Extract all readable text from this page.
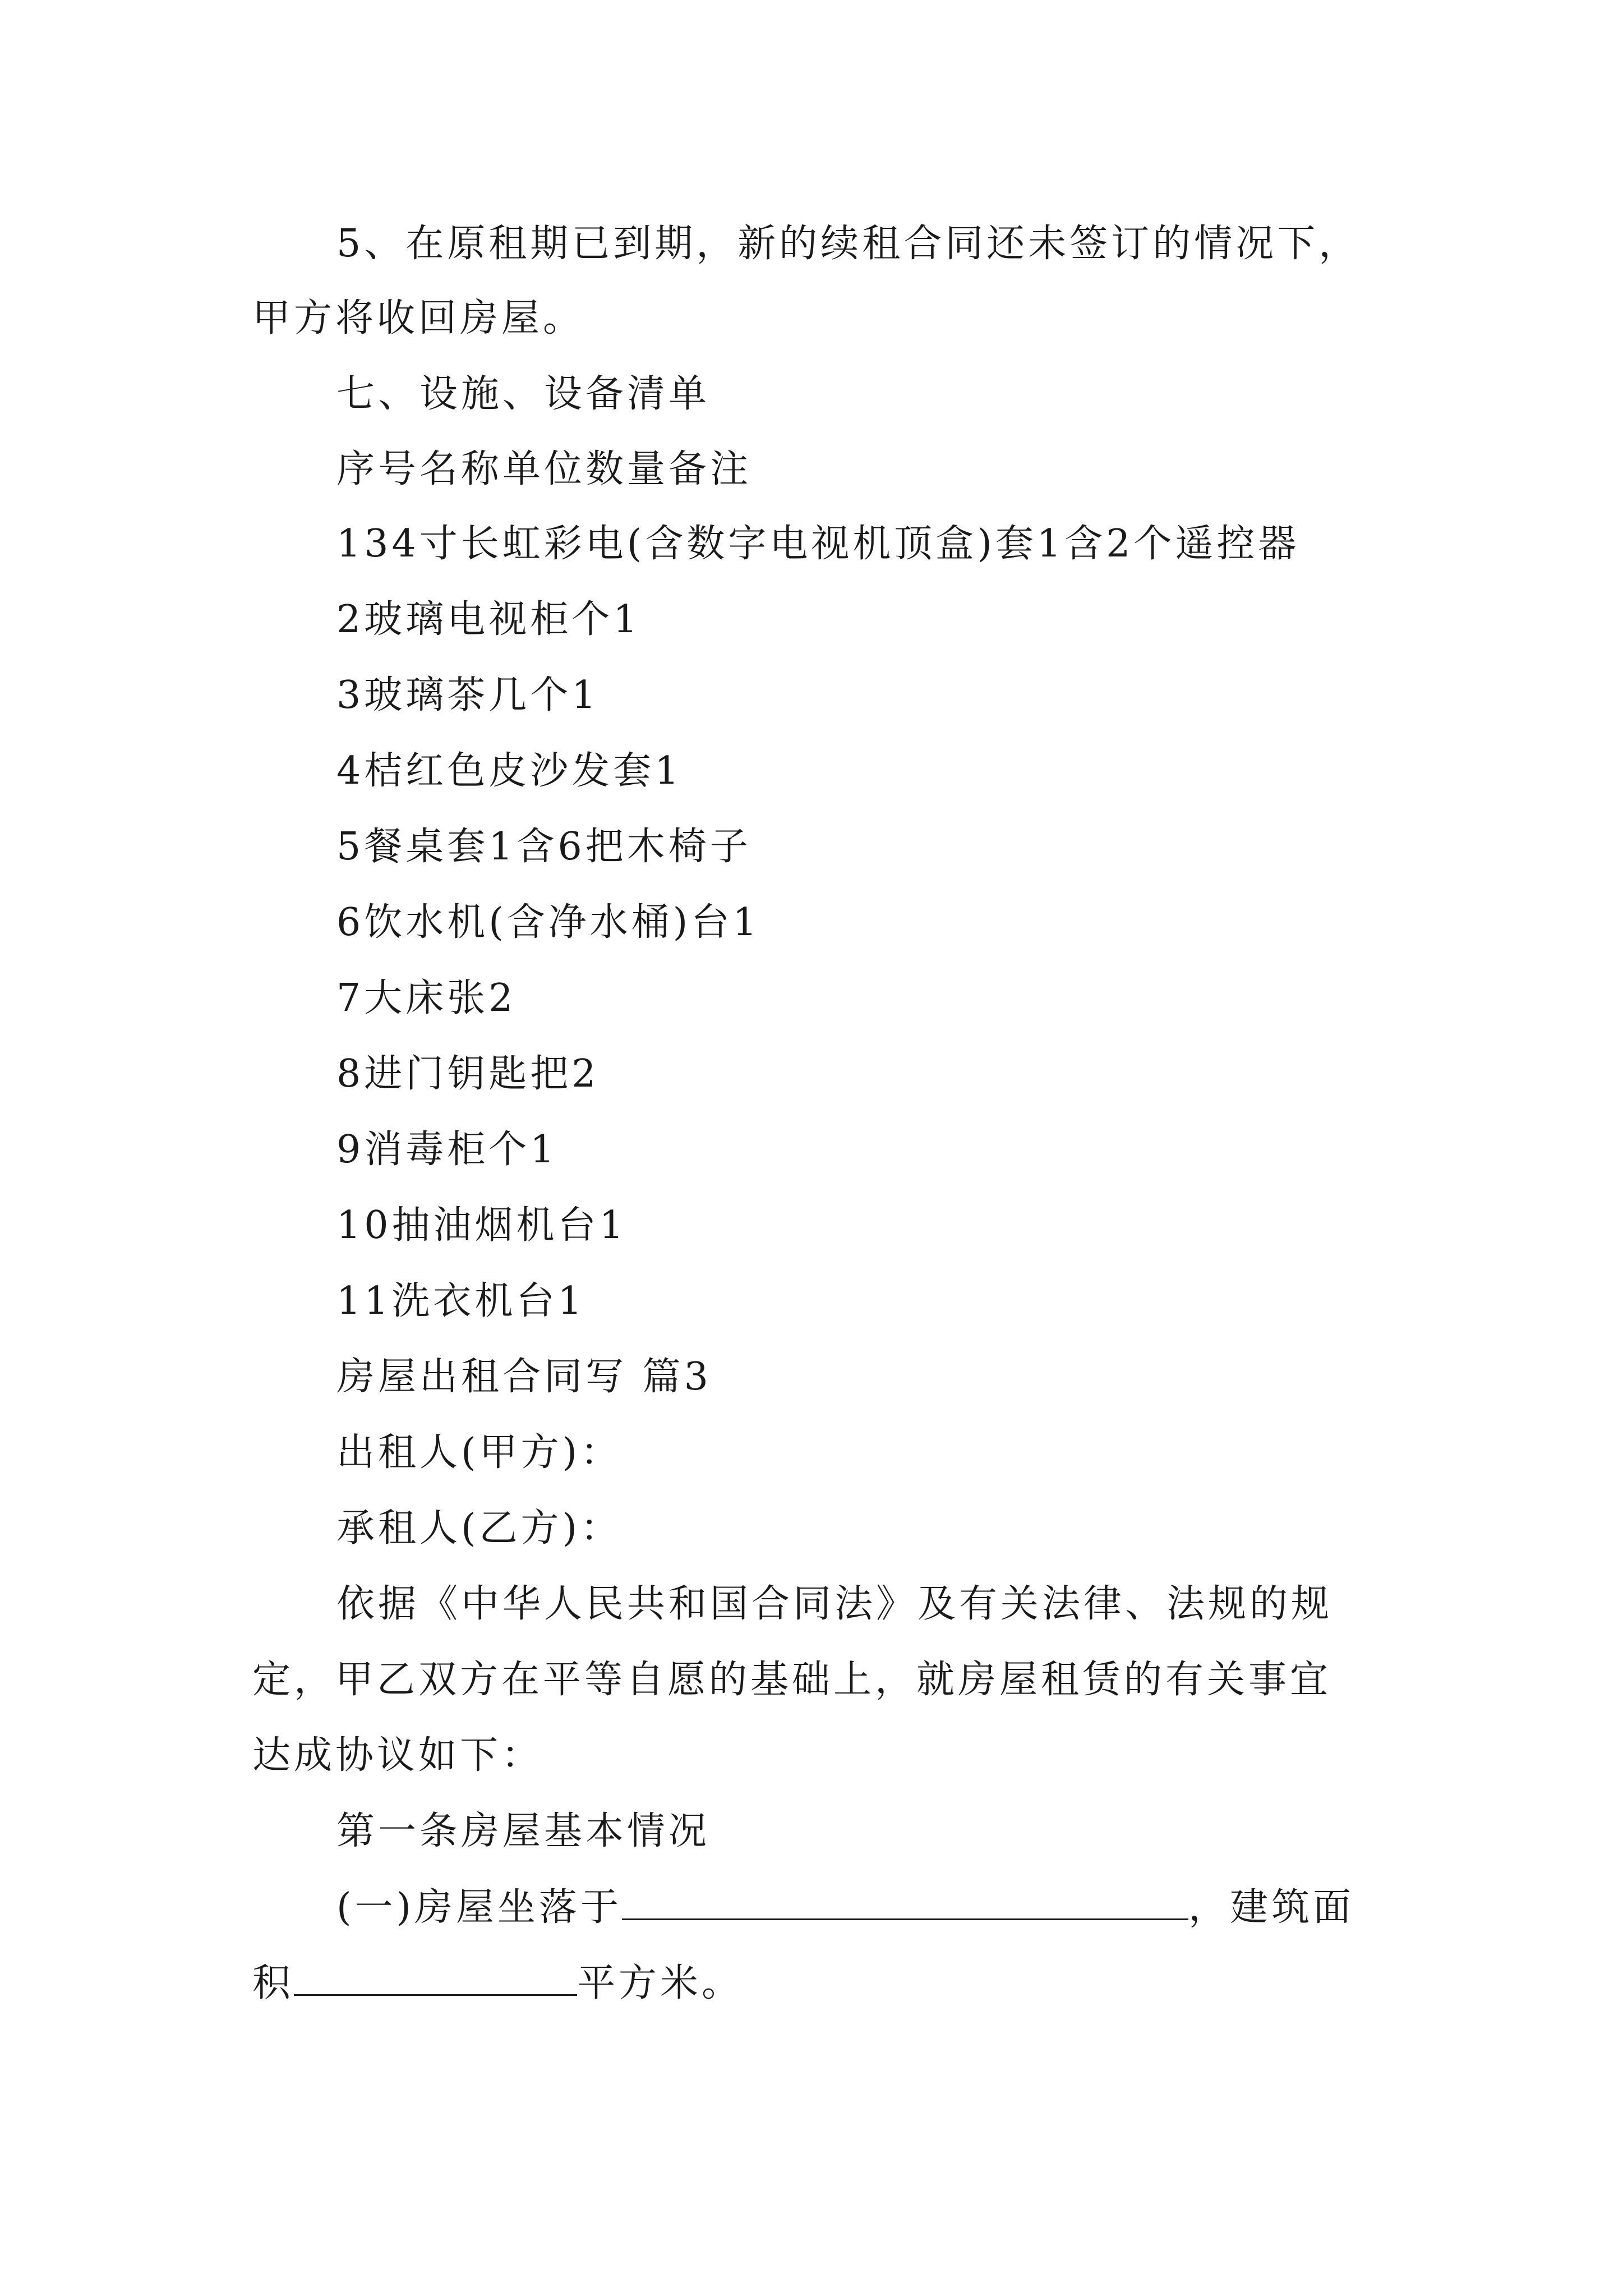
5、在原租期已到期，新的续租合同还未签订的情况下，
甲方将收回房屋。
七、设施、设备清单
序号名称单位数量备注
134寸长虹彩电(含数字电视机顶盒)套1含2个遥控器
2玻璃电视柜个1
3玻璃茶几个1
4桔红色皮沙发套1
5餐桌套1含6把木椅子
6饮水机(含净水桶)台1
7大床张2
8进门钥匙把2
9消毒柜个1
10抽油烟机台1
11洗衣机台1
房屋出租合同写 篇3
出租人(甲方)：
承租人(乙方)：
依据《中华人民共和国合同法》及有关法律、法规的规
定，甲乙双方在平等自愿的基础上，就房屋租赁的有关事宜
达成协议如下：
第一条房屋基本情况
(一)房屋坐落于	，建筑面
积	平方米。
